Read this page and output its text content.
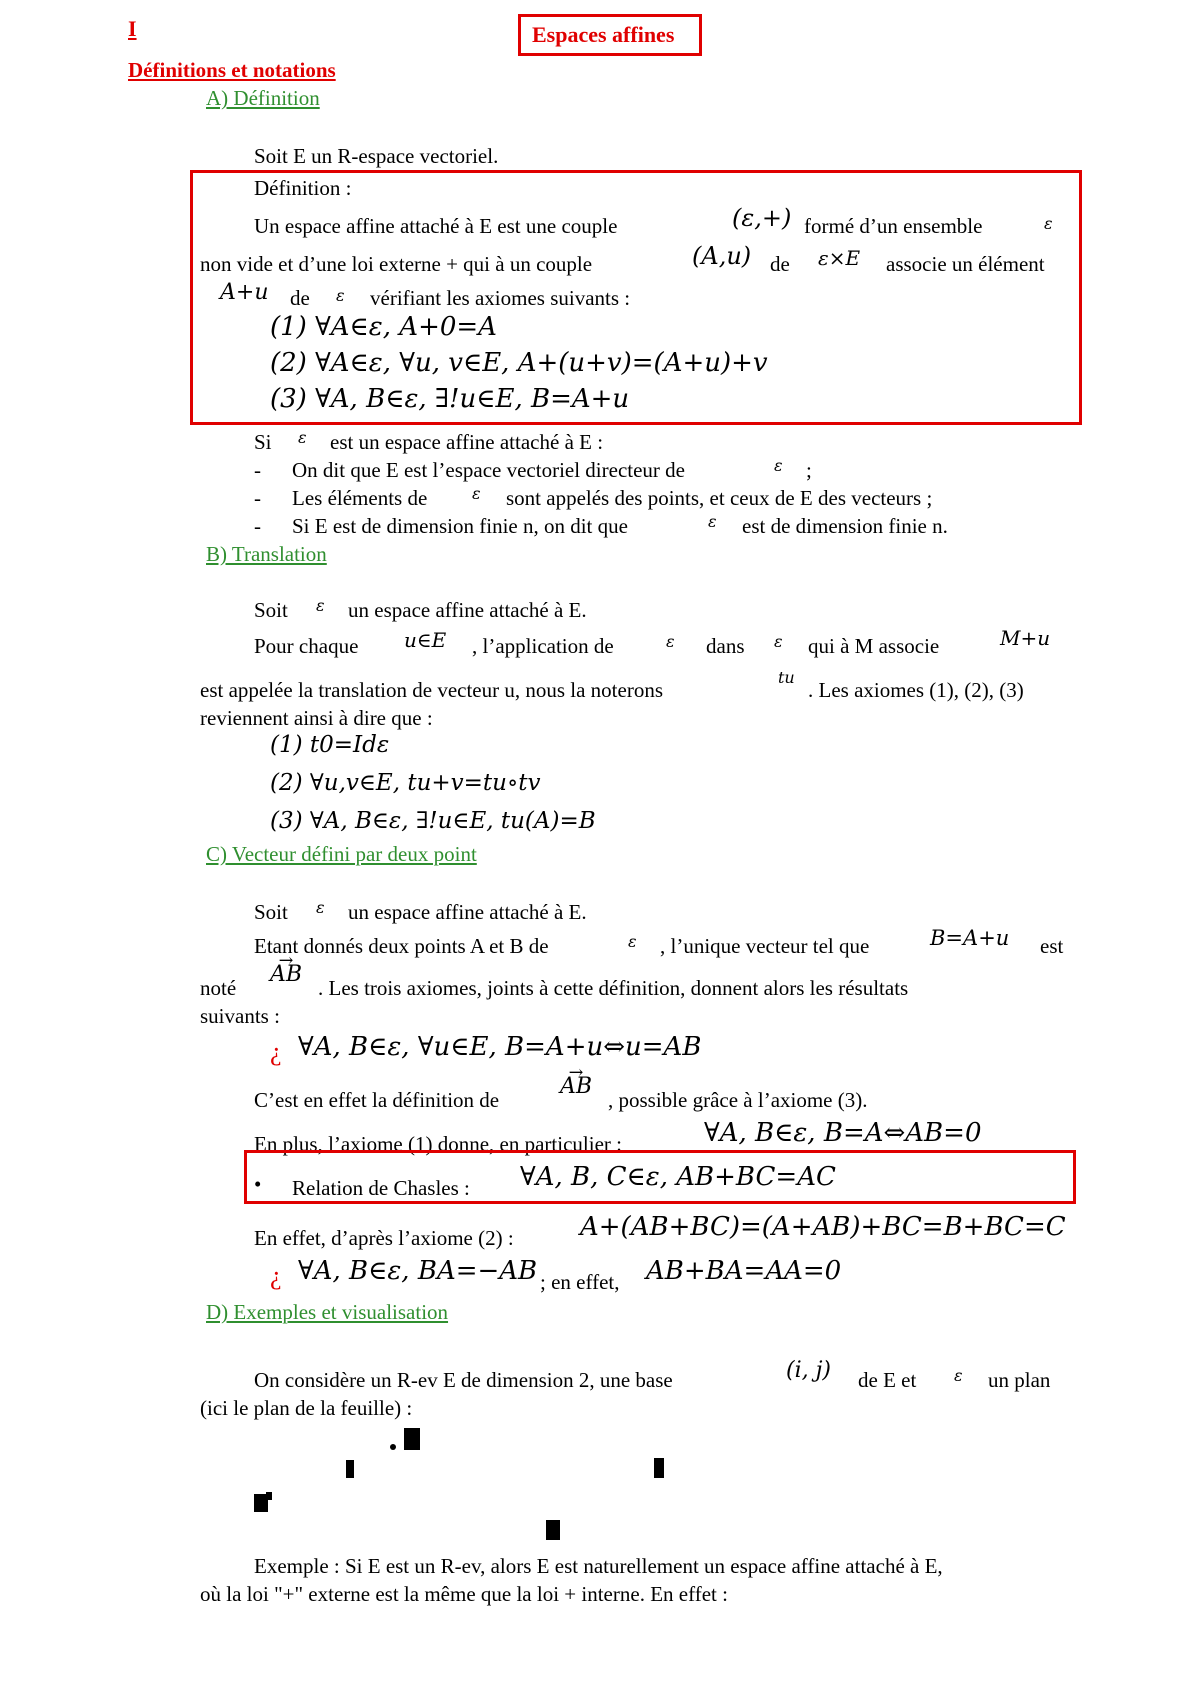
I	Espaces affines
Définitions et notations
A) Définition
Soit E un R-espace vectoriel.
Définition :
Un espace affine attaché à E est une couple	(ε,+) formé d’un ensemble	ε
non vide et d’une loi externe + qui à un couple	(A,u) de ε×E associe un élément
A+u de ε vérifiant les axiomes suivants :
(1) ∀A∈ε, A+0=A
(2) ∀A∈ε, ∀u, v∈E, A+(u+v)=(A+u)+v
(3) ∀A, B∈ε, ∃!u∈E, B=A+u
Si ε est un espace affine attaché à E :
- On dit que E est l’espace vectoriel directeur de	ε ;
- Les éléments de	ε sont appelés des points, et ceux de E des vecteurs ;
- Si E est de dimension finie n, on dit que	ε est de dimension finie n.
B) Translation
Soit ε un espace affine attaché à E.
Pour chaque u∈E , l’application de	ε dans ε qui à M associe	M+u
est appelée la translation de vecteur u, nous la noterons
tu
. Les axiomes (1), (2), (3)
reviennent ainsi à dire que :
(1) t0=Idε
(2) ∀u,v∈E, tu+v=tu∘tv
(3) ∀A, B∈ε, ∃!u∈E, tu(A)=B
C) Vecteur défini par deux point
Soit ε un espace affine attaché à E.
Etant donnés deux points A et B de	ε , l’unique vecteur tel que	B=A+u est
noté
→ AB
. Les trois axiomes, joints à cette définition, donnent alors les résultats
suivants :
¿ ∀A, B∈ε, ∀u∈E, B=A+u⇔u=AB
C’est en effet la définition de
→ AB
, possible grâce à l’axiome (3).
En plus, l’axiome (1) donne, en particulier :	∀A, B∈ε, B=A⇔AB=0
• Relation de Chasles : ∀A, B, C∈ε, AB+BC=AC
En effet, d’après l’axiome (2) :	A+(AB+BC)=(A+AB)+BC=B+BC=C
¿ ∀A, B∈ε, BA=−AB ; en effet, AB+BA=AA=0
D) Exemples et visualisation
On considère un R-ev E de dimension 2, une base	(i, j) de E et ε un plan
(ici le plan de la feuille) :
Exemple : Si E est un R-ev, alors E est naturellement un espace affine attaché à E,
où la loi "+" externe est la même que la loi + interne. En effet :
